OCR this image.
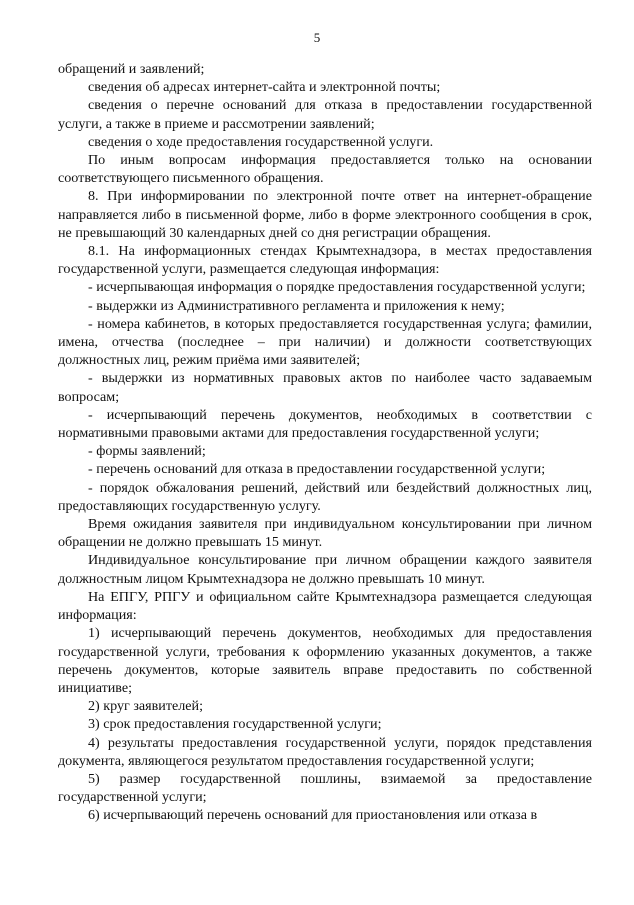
5

обращений и заявлений;

сведения об адресах интернет-сайта и электронной почты;

сведения о перечне оснований для отказа в предоставлении государственной услуги, а также в приеме и рассмотрении заявлений;

сведения о ходе предоставления государственной услуги.

По иным вопросам информация предоставляется только на основании соответствующего письменного обращения.

8. При информировании по электронной почте ответ на интернет-обращение направляется либо в письменной форме, либо в форме электронного сообщения в срок, не превышающий 30 календарных дней со дня регистрации обращения.

8.1. На информационных стендах Крымтехнадзора, в местах предоставления государственной услуги, размещается следующая информация:

- исчерпывающая информация о порядке предоставления государственной услуги;

- выдержки из Административного регламента и приложения к нему;

- номера кабинетов, в которых предоставляется государственная услуга; фамилии, имена, отчества (последнее – при наличии) и должности соответствующих должностных лиц, режим приёма ими заявителей;

- выдержки из нормативных правовых актов по наиболее часто задаваемым вопросам;

- исчерпывающий перечень документов, необходимых в соответствии с нормативными правовыми актами для предоставления государственной услуги;

- формы заявлений;

- перечень оснований для отказа в предоставлении государственной услуги;

- порядок обжалования решений, действий или бездействий должностных лиц, предоставляющих государственную услугу.

Время ожидания заявителя при индивидуальном консультировании при личном обращении не должно превышать 15 минут.

Индивидуальное консультирование при личном обращении каждого заявителя должностным лицом Крымтехнадзора не должно превышать 10 минут.

На ЕПГУ, РПГУ и официальном сайте Крымтехнадзора размещается следующая информация:

1) исчерпывающий перечень документов, необходимых для предоставления государственной услуги, требования к оформлению указанных документов, а также перечень документов, которые заявитель вправе предоставить по собственной инициативе;

2) круг заявителей;

3) срок предоставления государственной услуги;

4) результаты предоставления государственной услуги, порядок представления документа, являющегося результатом предоставления государственной услуги;

5) размер государственной пошлины, взимаемой за предоставление государственной услуги;

6) исчерпывающий перечень оснований для приостановления или отказа в
